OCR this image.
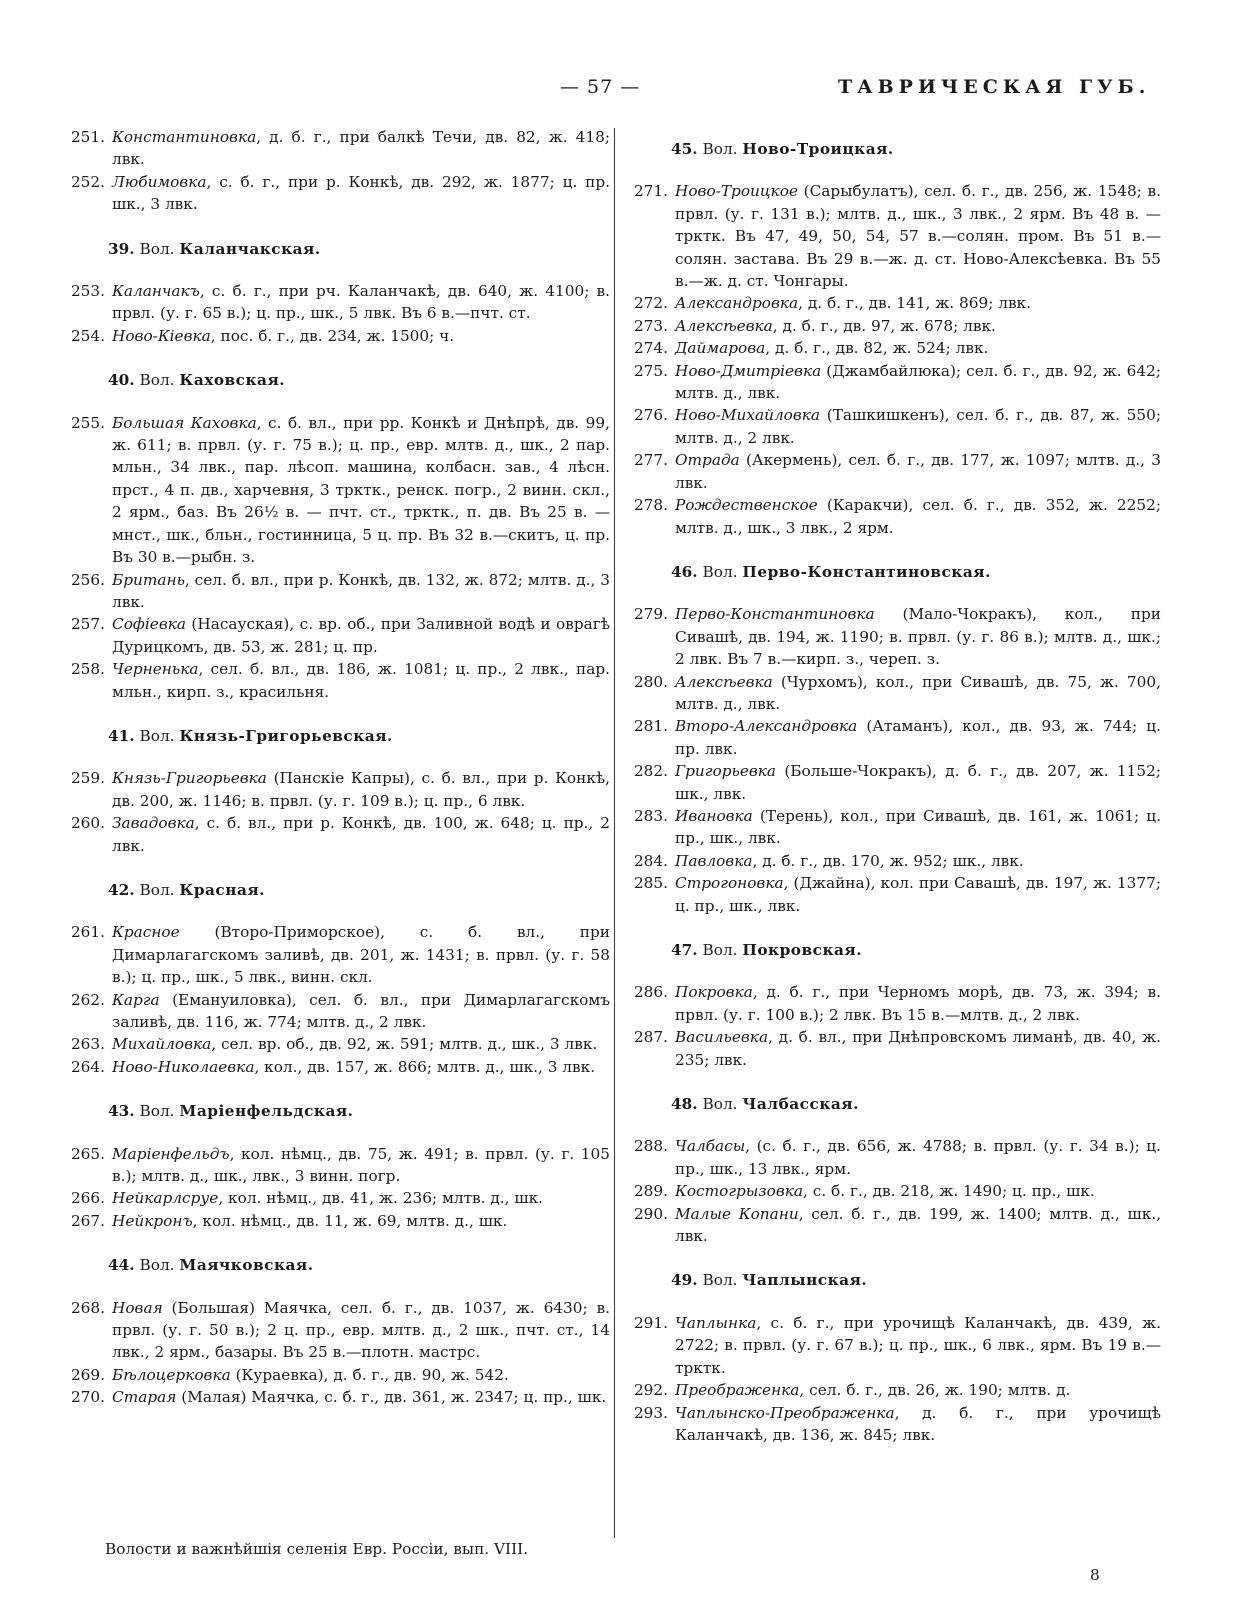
— 57 —	ТАВРИЧЕСКАЯ ГУБ.
251. Константиновка, д. б. г., при балкѣ Течи, дв. 82, ж. 418; лвк.
252. Любимовка, с. б. г., при р. Конкѣ, дв. 292, ж. 1877; ц. пр. шк., 3 лвк.
39. Вол. Каланчакская.
253. Каланчакъ, с. б. г., при рч. Каланчакѣ, дв. 640, ж. 4100; в. првл. (у. г. 65 в.); ц. пр., шк., 5 лвк. Въ 6 в.—пчт. ст.
254. Ново-Кіевка, пос. б. г., дв. 234, ж. 1500; ч.
40. Вол. Каховская.
255. Большая Каховка, с. б. вл., при рр. Конкѣ и Днѣпрѣ, дв. 99, ж. 611; в. првл. (у. г. 75 в.); ц. пр., евр. млтв. д., шк., 2 пар. мльн., 34 лвк., пар. лѣсоп. машина, колбасн. зав., 4 лѣсн. прст., 4 п. дв., харчевня, 3 трктк., ренск. погр., 2 винн. скл., 2 ярм., баз. Въ 26½ в. — пчт. ст., трктк., п. дв. Въ 25 в. — мнст., шк., бльн., гостинница, 5 ц. пр. Въ 32 в.—скитъ, ц. пр. Въ 30 в.—рыбн. з.
256. Британь, сел. б. вл., при р. Конкѣ, дв. 132, ж. 872; млтв. д., 3 лвк.
257. Софіевка (Насауская), с. вр. об., при Заливной водѣ и оврагѣ Дурицкомъ, дв. 53, ж. 281; ц. пр.
258. Черненька, сел. б. вл., дв. 186, ж. 1081; ц. пр., 2 лвк., пар. мльн., кирп. з., красильня.
41. Вол. Князь-Григорьевская.
259. Князь-Григорьевка (Панскіе Капры), с. б. вл., при р. Конкѣ, дв. 200, ж. 1146; в. првл. (у. г. 109 в.); ц. пр., 6 лвк.
260. Завадовка, с. б. вл., при р. Конкѣ, дв. 100, ж. 648; ц. пр., 2 лвк.
42. Вол. Красная.
261. Красное (Второ-Приморское), с. б. вл., при Димарлагагскомъ заливѣ, дв. 201, ж. 1431; в. првл. (у. г. 58 в.); ц. пр., шк., 5 лвк., винн. скл.
262. Карга (Емануиловка), сел. б. вл., при Димарлагагскомъ заливѣ, дв. 116, ж. 774; млтв. д., 2 лвк.
263. Михайловка, сел. вр. об., дв. 92, ж. 591; млтв. д., шк., 3 лвк.
264. Ново-Николаевка, кол., дв. 157, ж. 866; млтв. д., шк., 3 лвк.
43. Вол. Маріенфельдская.
265. Маріенфельдъ, кол. нѣмц., дв. 75, ж. 491; в. првл. (у. г. 105 в.); млтв. д., шк., лвк., 3 винн. погр.
266. Нейкарлсруе, кол. нѣмц., дв. 41, ж. 236; млтв. д., шк.
267. Нейкронъ, кол. нѣмц., дв. 11, ж. 69, млтв. д., шк.
44. Вол. Маячковская.
268. Новая (Большая) Маячка, сел. б. г., дв. 1037, ж. 6430; в. првл. (у. г. 50 в.); 2 ц. пр., евр. млтв. д., 2 шк., пчт. ст., 14 лвк., 2 ярм., базары. Въ 25 в.—плотн. мастрс.
269. Бѣлоцерковка (Кураевка), д. б. г., дв. 90, ж. 542.
270. Старая (Малая) Маячка, с. б. г., дв. 361, ж. 2347; ц. пр., шк.
45. Вол. Ново-Троицкая.
271. Ново-Троицкое (Сарыбулатъ), сел. б. г., дв. 256, ж. 1548; в. првл. (у. г. 131 в.); млтв. д., шк., 3 лвк., 2 ярм. Въ 48 в. — трктк. Въ 47, 49, 50, 54, 57 в.—солян. пром. Въ 51 в.—солян. застава. Въ 29 в.—ж. д. ст. Ново-Алексѣевка. Въ 55 в.—ж. д. ст. Чонгары.
272. Александровка, д. б. г., дв. 141, ж. 869; лвк.
273. Алексѣевка, д. б. г., дв. 97, ж. 678; лвк.
274. Даймарова, д. б. г., дв. 82, ж. 524; лвк.
275. Ново-Дмитріевка (Джамбайлюка); сел. б. г., дв. 92, ж. 642; млтв. д., лвк.
276. Ново-Михайловка (Ташкишкенъ), сел. б. г., дв. 87, ж. 550; млтв. д., 2 лвк.
277. Отрада (Акермень), сел. б. г., дв. 177, ж. 1097; млтв. д., 3 лвк.
278. Рождественское (Каракчи), сел. б. г., дв. 352, ж. 2252; млтв. д., шк., 3 лвк., 2 ярм.
46. Вол. Перво-Константиновская.
279. Перво-Константиновка (Мало-Чокракъ), кол., при Сивашѣ, дв. 194, ж. 1190; в. првл. (у. г. 86 в.); млтв. д., шк.; 2 лвк. Въ 7 в.—кирп. з., череп. з.
280. Алексѣевка (Чурхомъ), кол., при Сивашѣ, дв. 75, ж. 700, млтв. д., лвк.
281. Второ-Александровка (Атаманъ), кол., дв. 93, ж. 744; ц. пр. лвк.
282. Григорьевка (Больше-Чокракъ), д. б. г., дв. 207, ж. 1152; шк., лвк.
283. Ивановка (Терень), кол., при Сивашѣ, дв. 161, ж. 1061; ц. пр., шк., лвк.
284. Павловка, д. б. г., дв. 170, ж. 952; шк., лвк.
285. Строгоновка, (Джайна), кол. при Савашѣ, дв. 197, ж. 1377; ц. пр., шк., лвк.
47. Вол. Покровская.
286. Покровка, д. б. г., при Черномъ морѣ, дв. 73, ж. 394; в. првл. (у. г. 100 в.); 2 лвк. Въ 15 в.—млтв. д., 2 лвк.
287. Васильевка, д. б. вл., при Днѣпровскомъ лиманѣ, дв. 40, ж. 235; лвк.
48. Вол. Чалбасская.
288. Чалбасы, (с. б. г., дв. 656, ж. 4788; в. првл. (у. г. 34 в.); ц. пр., шк., 13 лвк., ярм.
289. Костогрызовка, с. б. г., дв. 218, ж. 1490; ц. пр., шк.
290. Малые Копани, сел. б. г., дв. 199, ж. 1400; млтв. д., шк., лвк.
49. Вол. Чаплынская.
291. Чаплынка, с. б. г., при урочищѣ Каланчакѣ, дв. 439, ж. 2722; в. првл. (у. г. 67 в.); ц. пр., шк., 6 лвк., ярм. Въ 19 в.— трктк.
292. Преображенка, сел. б. г., дв. 26, ж. 190; млтв. д.
293. Чаплынско-Преображенка, д. б. г., при урочищѣ Каланчакѣ, дв. 136, ж. 845; лвк.
Волости и важнѣйшія селенія Евр. Россіи, вып. VIII.
8
